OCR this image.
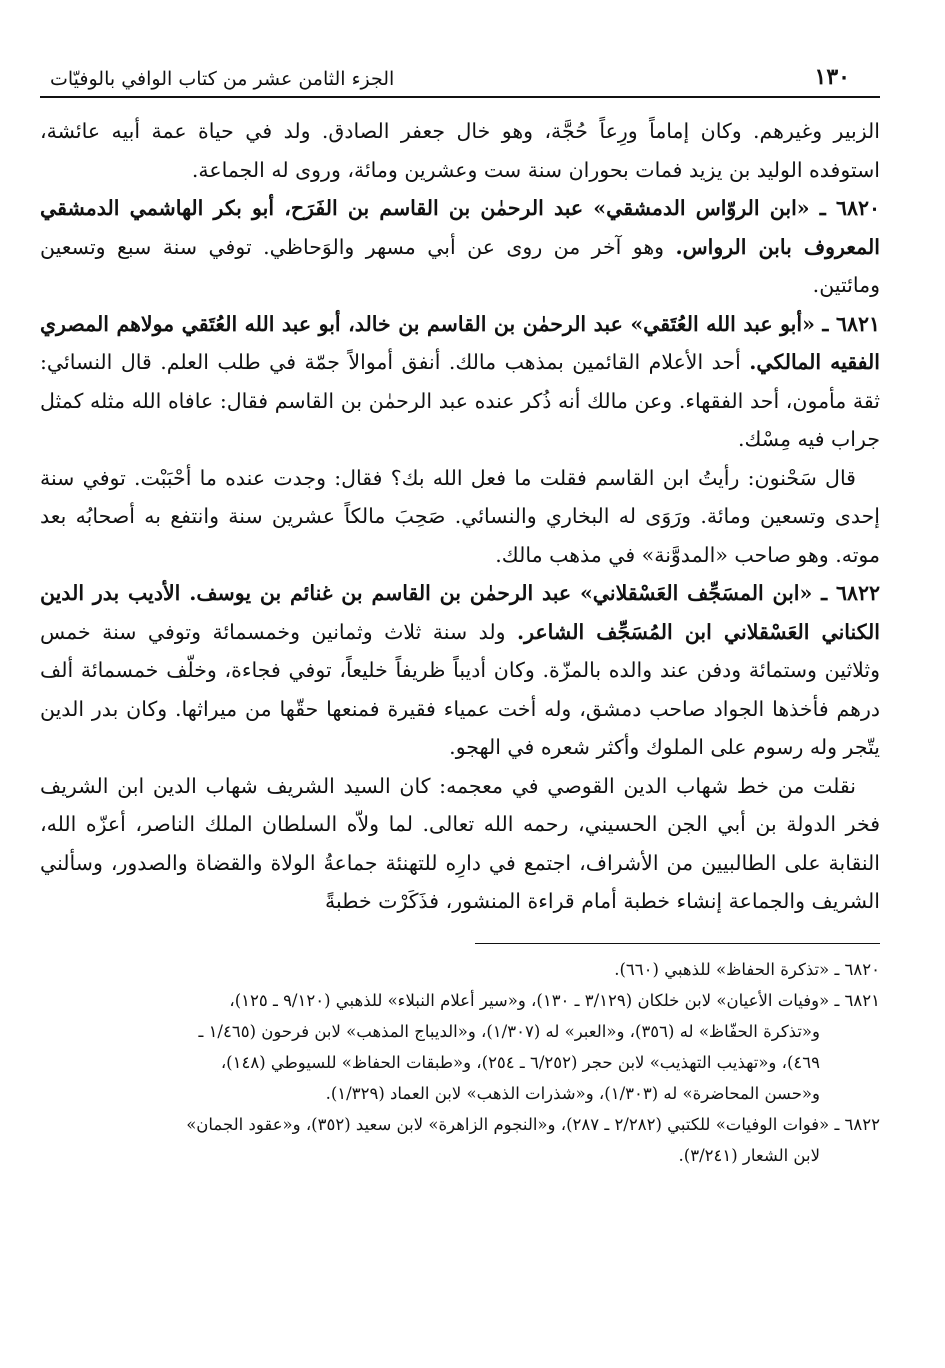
١٣٠
الجزء الثامن عشر من كتاب الوافي بالوفيّات

الزبير وغيرهم. وكان إماماً ورِعاً حُجَّة، وهو خال جعفر الصادق. ولد في حياة عمة أبيه عائشة، استوفده الوليد بن يزيد فمات بحوران سنة ست وعشرين ومائة، وروى له الجماعة.

٦٨٢٠ ـ «ابن الروّاس الدمشقي» عبد الرحمٰن بن القاسم بن الفَرَح، أبو بكر الهاشمي الدمشقي المعروف بابن الرواس. وهو آخر من روى عن أبي مسهر والوَحاظي. توفي سنة سبع وتسعين ومائتين.

٦٨٢١ ـ «أبو عبد الله العُتَقي» عبد الرحمٰن بن القاسم بن خالد، أبو عبد الله العُتَقي مولاهم المصري الفقيه المالكي. أحد الأعلام القائمين بمذهب مالك. أنفق أموالاً جمّة في طلب العلم. قال النسائي: ثقة مأمون، أحد الفقهاء. وعن مالك أنه ذُكر عنده عبد الرحمٰن بن القاسم فقال: عافاه الله مثله كمثل جراب فيه مِسْك.

قال سَحْنون: رأيتُ ابن القاسم فقلت ما فعل الله بك؟ فقال: وجدت عنده ما أحْبَبْت. توفي سنة إحدى وتسعين ومائة. ورَوَى له البخاري والنسائي. صَحِبَ مالكاً عشرين سنة وانتفع به أصحابُه بعد موته. وهو صاحب «المدوَّنة» في مذهب مالك.

٦٨٢٢ ـ «ابن المسَجِّف العَسْقلاني» عبد الرحمٰن بن القاسم بن غنائم بن يوسف. الأديب بدر الدين الكناني العَسْقلاني ابن المُسَجِّف الشاعر. ولد سنة ثلاث وثمانين وخمسمائة وتوفي سنة خمس وثلاثين وستمائة ودفن عند والده بالمزّة. وكان أديباً ظريفاً خليعاً، توفي فجاءة، وخلّف خمسمائة ألف درهم فأخذها الجواد صاحب دمشق، وله أخت عمياء فقيرة فمنعها حقّها من ميراثها. وكان بدر الدين يتّجر وله رسوم على الملوك وأكثر شعره في الهجو.

نقلت من خط شهاب الدين القوصي في معجمه: كان السيد الشريف شهاب الدين ابن الشريف فخر الدولة بن أبي الجن الحسيني، رحمه الله تعالى. لما ولاّه السلطان الملك الناصر، أعزّه الله، النقابة على الطالبيين من الأشراف، اجتمع في دارِه للتهنئة جماعةُ الولاة والقضاة والصدور، وسألني الشريف والجماعة إنشاء خطبة أمام قراءة المنشور، فذَكَرْت خطبةً

٦٨٢٠ ـ «تذكرة الحفاظ» للذهبي (٦٦٠).

٦٨٢١ ـ «وفيات الأعيان» لابن خلكان (٣/١٢٩ ـ ١٣٠)، و«سير أعلام النبلاء» للذهبي (٩/١٢٠ ـ ١٢٥)،

و«تذكرة الحفّاظ» له (٣٥٦)، و«العبر» له (١/٣٠٧)، و«الديباج المذهب» لابن فرحون (١/٤٦٥ ـ

٤٦٩)، و«تهذيب التهذيب» لابن حجر (٦/٢٥٢ ـ ٢٥٤)، و«طبقات الحفاظ» للسيوطي (١٤٨)،

و«حسن المحاضرة» له (١/٣٠٣)، و«شذرات الذهب» لابن العماد (١/٣٢٩).

٦٨٢٢ ـ «فوات الوفيات» للكتبي (٢/٢٨٢ ـ ٢٨٧)، و«النجوم الزاهرة» لابن سعيد (٣٥٢)، و«عقود الجمان»

لابن الشعار (٣/٢٤١).
